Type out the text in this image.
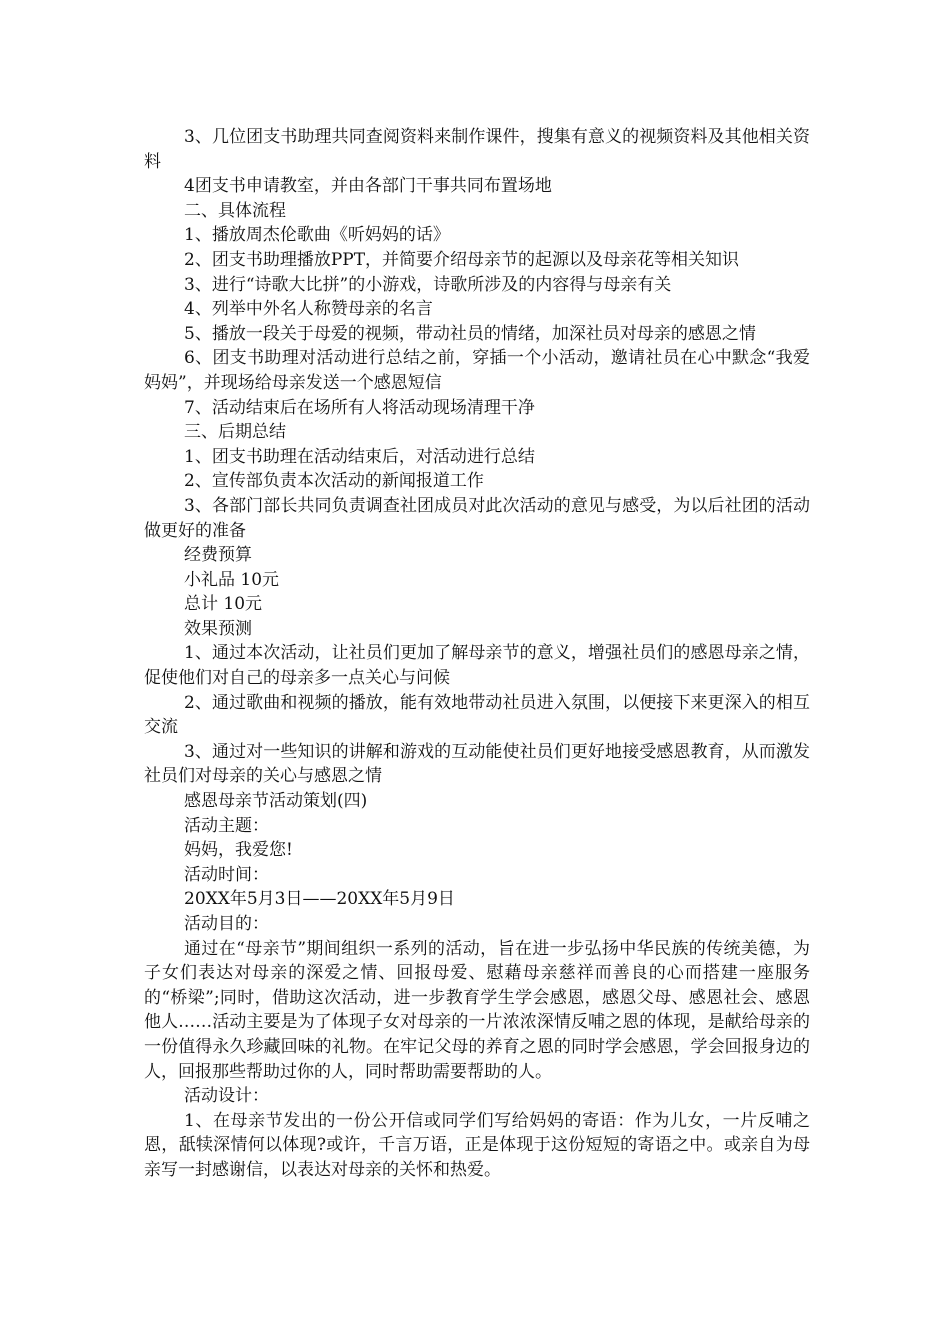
3、几位团支书助理共同查阅资料来制作课件，搜集有意义的视频资料及其他相关资料

4团支书申请教室，并由各部门干事共同布置场地

二、具体流程

1、播放周杰伦歌曲《听妈妈的话》

2、团支书助理播放PPT，并简要介绍母亲节的起源以及母亲花等相关知识

3、进行“诗歌大比拼”的小游戏，诗歌所涉及的内容得与母亲有关

4、列举中外名人称赞母亲的名言

5、播放一段关于母爱的视频，带动社员的情绪，加深社员对母亲的感恩之情

6、团支书助理对活动进行总结之前，穿插一个小活动，邀请社员在心中默念“我爱妈妈”，并现场给母亲发送一个感恩短信

7、活动结束后在场所有人将活动现场清理干净

三、后期总结

1、团支书助理在活动结束后，对活动进行总结

2、宣传部负责本次活动的新闻报道工作

3、各部门部长共同负责调查社团成员对此次活动的意见与感受，为以后社团的活动做更好的准备

经费预算

小礼品 10元

总计 10元

效果预测

1、通过本次活动，让社员们更加了解母亲节的意义，增强社员们的感恩母亲之情，促使他们对自己的母亲多一点关心与问候

2、通过歌曲和视频的播放，能有效地带动社员进入氛围，以便接下来更深入的相互交流

3、通过对一些知识的讲解和游戏的互动能使社员们更好地接受感恩教育，从而激发社员们对母亲的关心与感恩之情

感恩母亲节活动策划(四)

活动主题：

妈妈，我爱您!

活动时间：

20XX年5月3日——20XX年5月9日

活动目的：

通过在“母亲节”期间组织一系列的活动，旨在进一步弘扬中华民族的传统美德，为子女们表达对母亲的深爱之情、回报母爱、慰藉母亲慈祥而善良的心而搭建一座服务的“桥梁”;同时，借助这次活动，进一步教育学生学会感恩，感恩父母、感恩社会、感恩他人……活动主要是为了体现子女对母亲的一片浓浓深情反哺之恩的体现，是献给母亲的一份值得永久珍藏回味的礼物。在牢记父母的养育之恩的同时学会感恩，学会回报身边的人，回报那些帮助过你的人，同时帮助需要帮助的人。

活动设计：

1、在母亲节发出的一份公开信或同学们写给妈妈的寄语：作为儿女，一片反哺之恩，舐犊深情何以体现?或许，千言万语，正是体现于这份短短的寄语之中。或亲自为母亲写一封感谢信，以表达对母亲的关怀和热爱。
